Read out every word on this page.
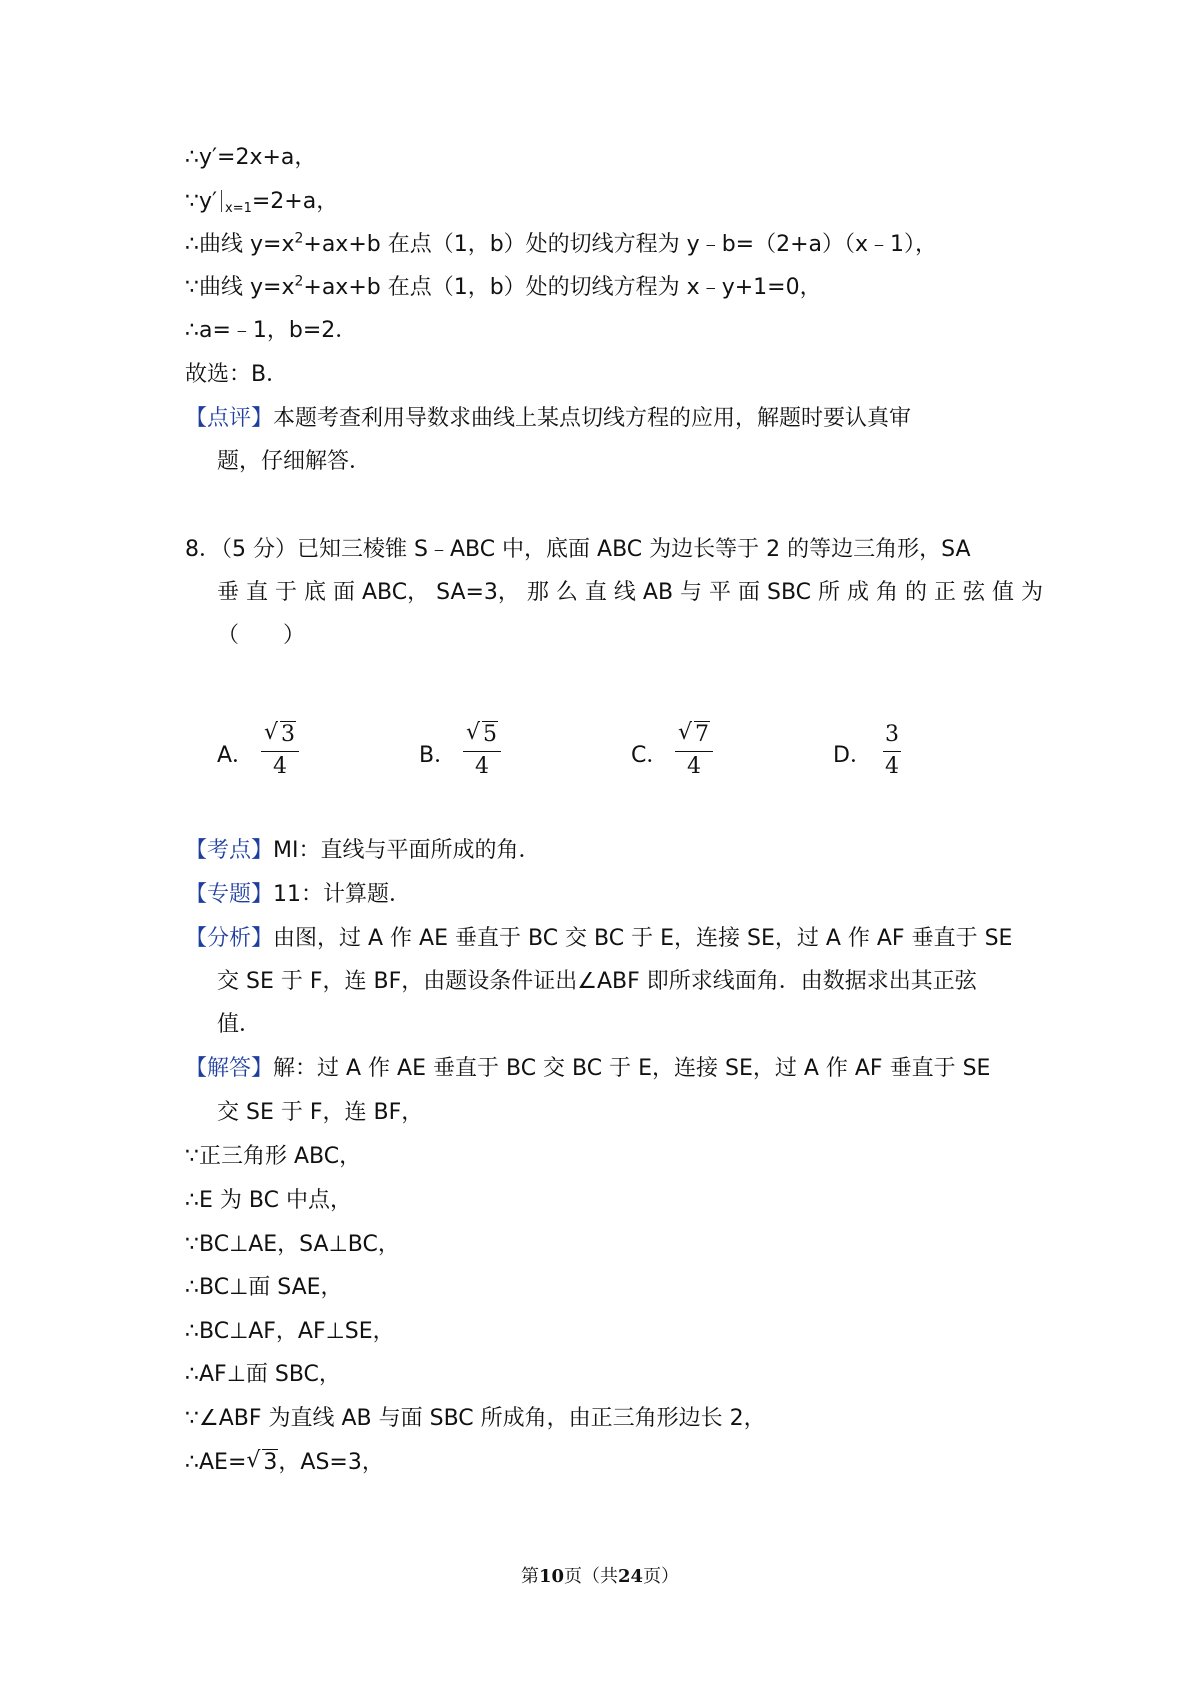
∴y′=2x+a，
∵y′ $_{x=1}$=2+a，
∴曲线 $y=x^2+ax+b$ 在点（1，b）处的切线方程为 y﹣b=（2+a）（x﹣1），
∵曲线 $y=x^2+ax+b$ 在点（1，b）处的切线方程为 x﹣y+1=0，
∴a=﹣1，b=2．
故选：B．
【点评】本题考查利用导数求曲线上某点切线方程的应用，解题时要认真审
题，仔细解答．
8．（5 分）已知三棱锥 S﹣ABC 中，底面 ABC 为边长等于 2 的等边三角形，SA
垂 直 于 底 面 ABC， SA=3， 那 么 直 线 AB 与 平 面 SBC 所 成 角 的 正 弦 值 为
（　　）
A．
√ 3
4	B．
√ 5
4	C．
√ 7
4	D．
3
4
【考点】MI：直线与平面所成的角．
【专题】11：计算题．
【分析】由图，过 A 作 AE 垂直于 BC 交 BC 于 E，连接 SE，过 A 作 AF 垂直于 SE
交 SE 于 F，连 BF，由题设条件证出∠ABF 即所求线面角．由数据求出其正弦
值．
【解答】解：过 A 作 AE 垂直于 BC 交 BC 于 E，连接 SE，过 A 作 AF 垂直于 SE
交 SE 于 F，连 BF，
∵正三角形 ABC，
∴E 为 BC 中点，
∵BC⊥AE，SA⊥BC，
∴BC⊥面 SAE，
∴BC⊥AF，AF⊥SE，
∴AF⊥面 SBC，
∵∠ABF 为直线 AB 与面 SBC 所成角，由正三角形边长 2，
∴AE=√ 3，AS=3，
第10页（共24页）
